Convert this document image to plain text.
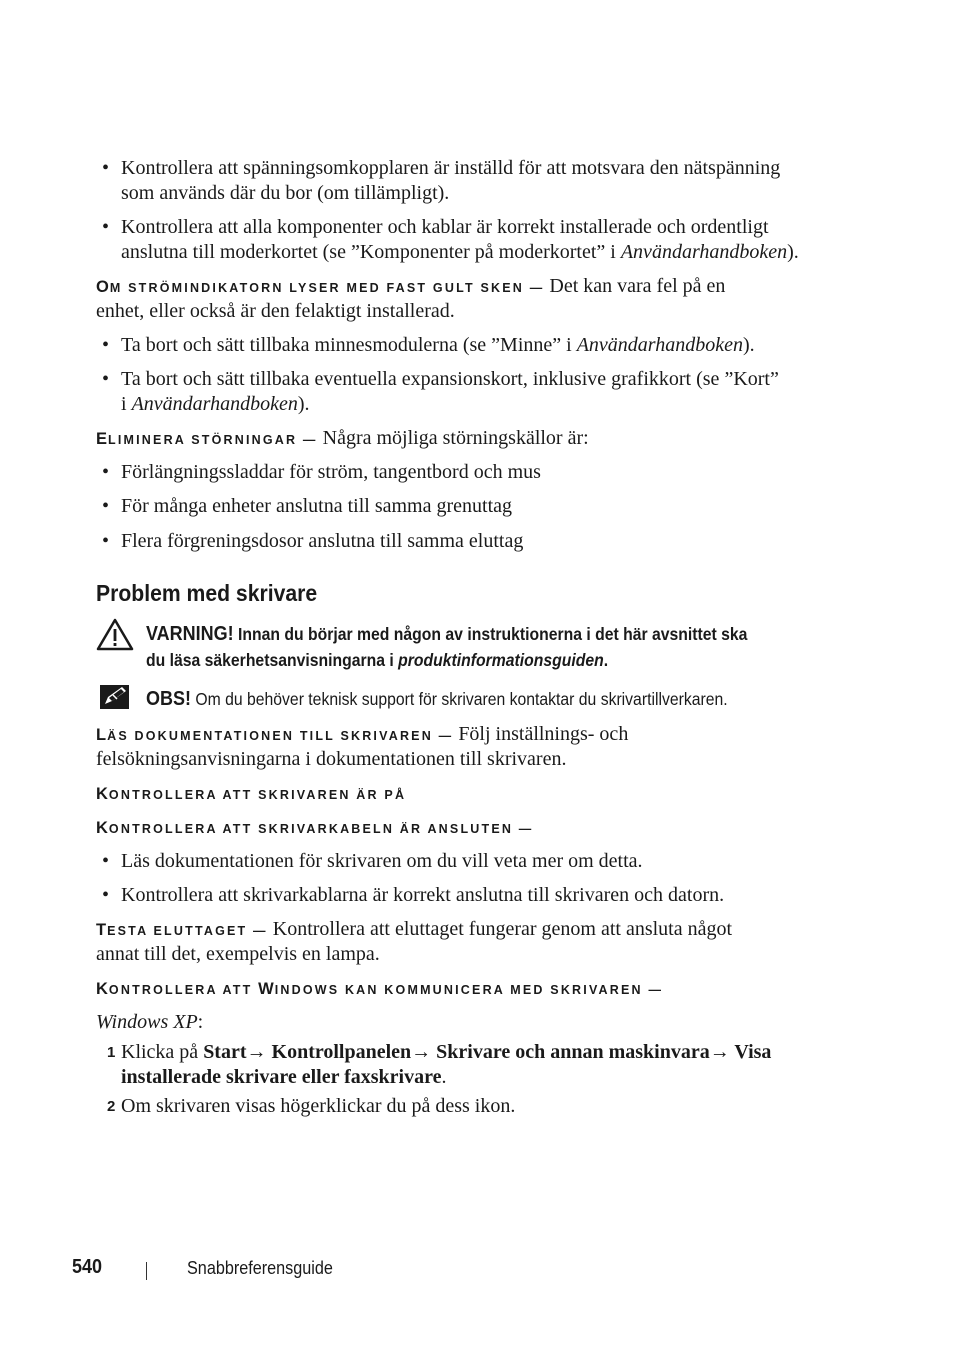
• Kontrollera att spänningsomkopplaren är inställd för att motsvara den nätspänning
som används där du bor (om tillämpligt).
• Kontrollera att alla komponenter och kablar är korrekt installerade och ordentligt
anslutna till moderkortet (se ”Komponenter på moderkortet” i Användarhandboken).
OM STRÖMINDIKATORN LYSER MED FAST GULT SKEN — Det kan vara fel på en
enhet, eller också är den felaktigt installerad.
• Ta bort och sätt tillbaka minnesmodulerna (se ”Minne” i Användarhandboken).
• Ta bort och sätt tillbaka eventuella expansionskort, inklusive grafikkort (se ”Kort”
i Användarhandboken).
ELIMINERA STÖRNINGAR — Några möjliga störningskällor är:
• Förlängningssladdar för ström, tangentbord och mus
• För många enheter anslutna till samma grenuttag
• Flera förgreningsdosor anslutna till samma eluttag
Problem med skrivare
VARNING! Innan du börjar med någon av instruktionerna i det här avsnittet ska
du läsa säkerhetsanvisningarna i produktinformationsguiden.
OBS! Om du behöver teknisk support för skrivaren kontaktar du skrivartillverkaren.
LÄS DOKUMENTATIONEN TILL SKRIVAREN — Följ inställnings- och
felsökningsanvisningarna i dokumentationen till skrivaren.
KONTROLLERA ATT SKRIVAREN ÄR PÅ
KONTROLLERA ATT SKRIVARKABELN ÄR ANSLUTEN —
• Läs dokumentationen för skrivaren om du vill veta mer om detta.
• Kontrollera att skrivarkablarna är korrekt anslutna till skrivaren och datorn.
TESTA ELUTTAGET — Kontrollera att eluttaget fungerar genom att ansluta något
annat till det, exempelvis en lampa.
KONTROLLERA ATT WINDOWS KAN KOMMUNICERA MED SKRIVAREN —
Windows XP:
1 Klicka på Start→ Kontrollpanelen→ Skrivare och annan maskinvara→ Visa
installerade skrivare eller faxskrivare.
2 Om skrivaren visas högerklickar du på dess ikon.
540	Snabbreferensguide
